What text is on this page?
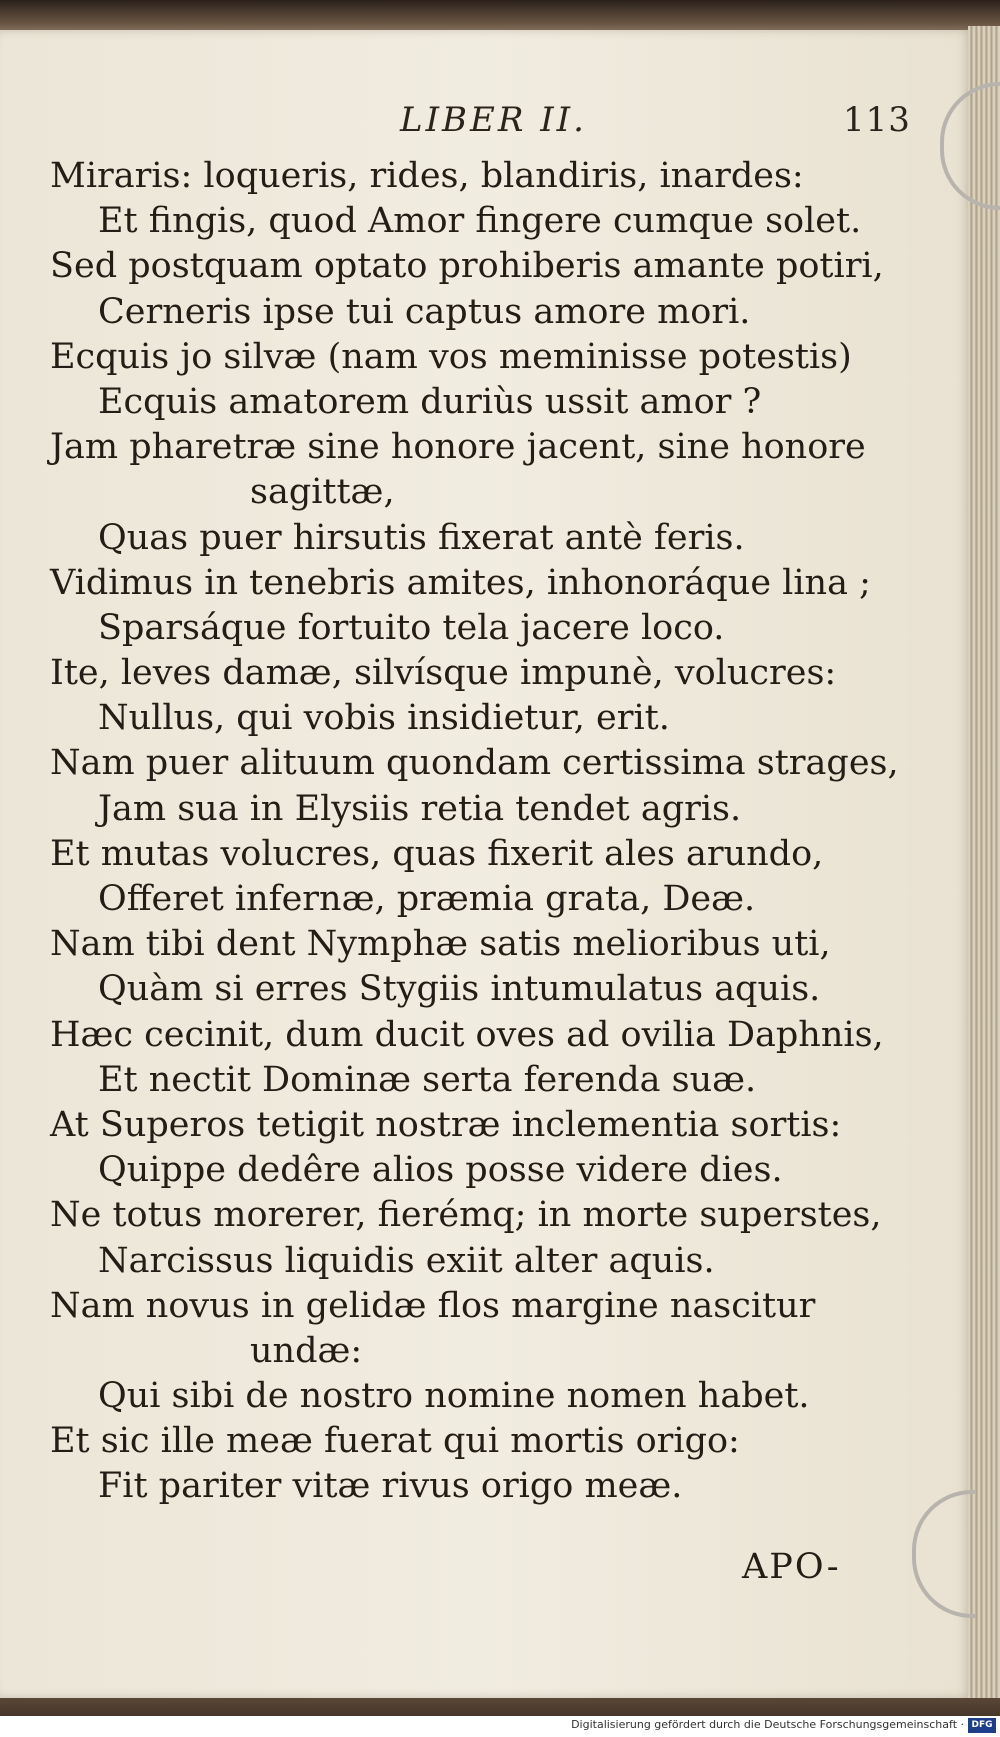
LIBER II.	113
Miraris: loqueris, rides, blandiris, inardes:
Et fingis, quod Amor fingere cumque solet.
Sed postquam optato prohiberis amante potiri,
Cerneris ipse tui captus amore mori.
Ecquis jo silvæ (nam vos meminisse potestis)
Ecquis amatorem duriùs ussit amor ?
Jam pharetræ sine honore jacent, sine honore
sagittæ,
Quas puer hirsutis fixerat antè feris.
Vidimus in tenebris amites, inhonoráque lina ;
Sparsáque fortuito tela jacere loco.
Ite, leves damæ, silvísque impunè, volucres:
Nullus, qui vobis insidietur, erit.
Nam puer alituum quondam certissima strages,
Jam sua in Elysiis retia tendet agris.
Et mutas volucres, quas fixerit ales arundo,
Offeret infernæ, præmia grata, Deæ.
Nam tibi dent Nymphæ satis melioribus uti,
Quàm si erres Stygiis intumulatus aquis.
Hæc cecinit, dum ducit oves ad ovilia Daphnis,
Et nectit Dominæ serta ferenda suæ.
At Superos tetigit nostræ inclementia sortis:
Quippe dedêre alios posse videre dies.
Ne totus morerer, fierémq; in morte superstes,
Narcissus liquidis exiit alter aquis.
Nam novus in gelidæ flos margine nascitur
undæ:
Qui sibi de nostro nomine nomen habet.
Et sic ille meæ fuerat qui mortis origo:
Fit pariter vitæ rivus origo meæ.
APO-
Digitalisierung gefördert durch die Deutsche Forschungsgemeinschaft · DFG
